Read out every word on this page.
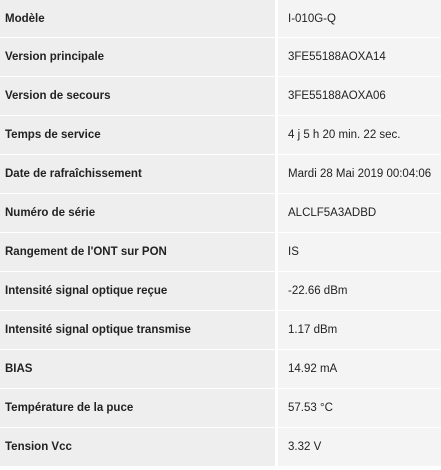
Modèle	I-010G-Q
Version principale	3FE55188AOXA14
Version de secours	3FE55188AOXA06
Temps de service	4 j 5 h 20 min. 22 sec.
Date de rafraîchissement	Mardi 28 Mai 2019 00:04:06
Numéro de série	ALCLF5A3ADBD
Rangement de l'ONT sur PON	IS
Intensité signal optique reçue	-22.66 dBm
Intensité signal optique transmise	1.17 dBm
BIAS	14.92 mA
Température de la puce	57.53 °C
Tension Vcc	3.32 V
